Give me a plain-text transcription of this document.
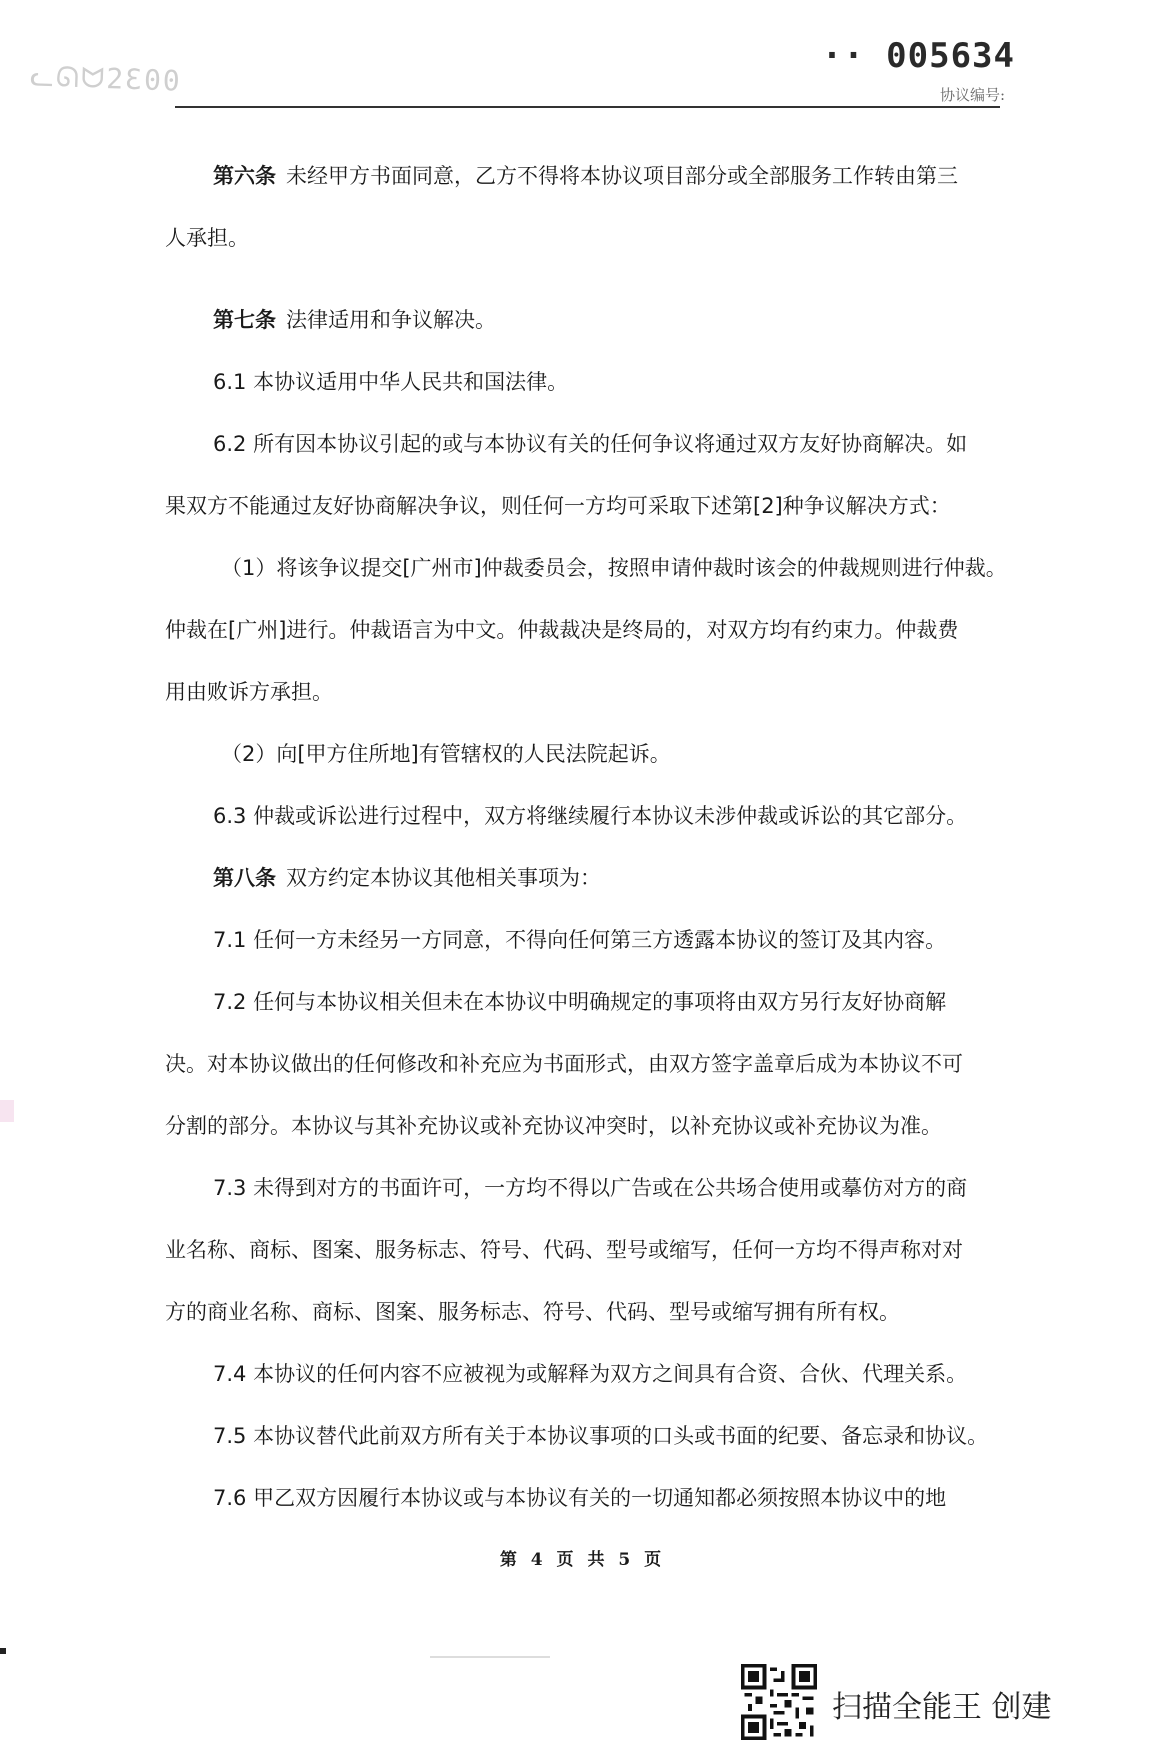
ᓚᘏᗢ2Ɛ00
·· 005634
协议编号:
第六条 未经甲方书面同意，乙方不得将本协议项目部分或全部服务工作转由第三
人承担。
第七条 法律适用和争议解决。
6.1 本协议适用中华人民共和国法律。
6.2 所有因本协议引起的或与本协议有关的任何争议将通过双方友好协商解决。如
果双方不能通过友好协商解决争议，则任何一方均可采取下述第[2]种争议解决方式：
（1）将该争议提交[广州市]仲裁委员会，按照申请仲裁时该会的仲裁规则进行仲裁。
仲裁在[广州]进行。仲裁语言为中文。仲裁裁决是终局的，对双方均有约束力。仲裁费
用由败诉方承担。
（2）向[甲方住所地]有管辖权的人民法院起诉。
6.3 仲裁或诉讼进行过程中，双方将继续履行本协议未涉仲裁或诉讼的其它部分。
第八条 双方约定本协议其他相关事项为：
7.1 任何一方未经另一方同意，不得向任何第三方透露本协议的签订及其内容。
7.2 任何与本协议相关但未在本协议中明确规定的事项将由双方另行友好协商解
决。对本协议做出的任何修改和补充应为书面形式，由双方签字盖章后成为本协议不可
分割的部分。本协议与其补充协议或补充协议冲突时，以补充协议或补充协议为准。
7.3 未得到对方的书面许可，一方均不得以广告或在公共场合使用或摹仿对方的商
业名称、商标、图案、服务标志、符号、代码、型号或缩写，任何一方均不得声称对对
方的商业名称、商标、图案、服务标志、符号、代码、型号或缩写拥有所有权。
7.4 本协议的任何内容不应被视为或解释为双方之间具有合资、合伙、代理关系。
7.5 本协议替代此前双方所有关于本协议事项的口头或书面的纪要、备忘录和协议。
7.6 甲乙双方因履行本协议或与本协议有关的一切通知都必须按照本协议中的地
第 4 页 共 5 页
扫描全能王 创建
